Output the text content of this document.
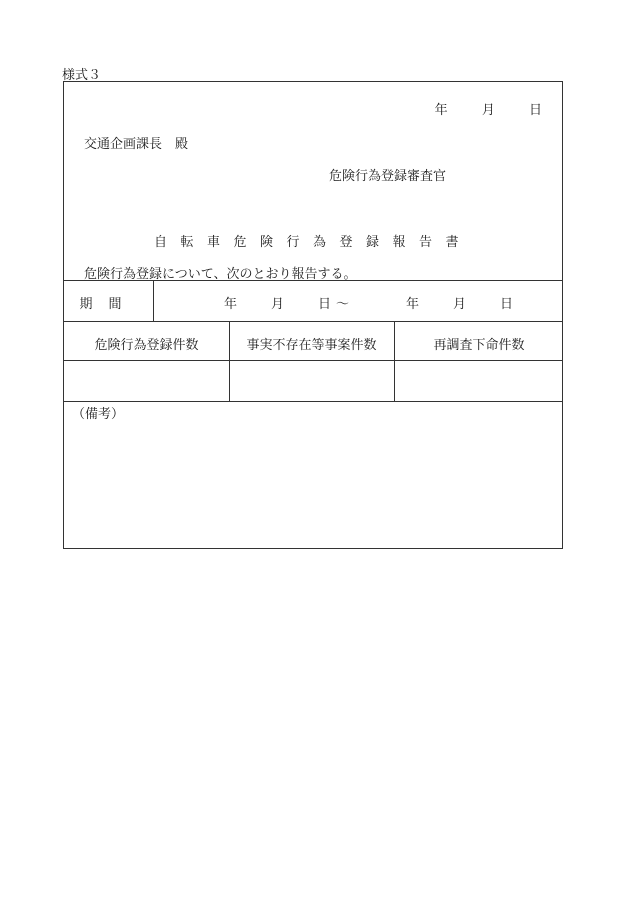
様式３
年	月	日
交通企画課長　殿
危険行為登録審査官
自転車危険行為登録報告書
危険行為登録について、次のとおり報告する。
期間	年	月	日 ～	年	月	日
危険行為登録件数	事実不存在等事案件数	再調査下命件数
（備考）
